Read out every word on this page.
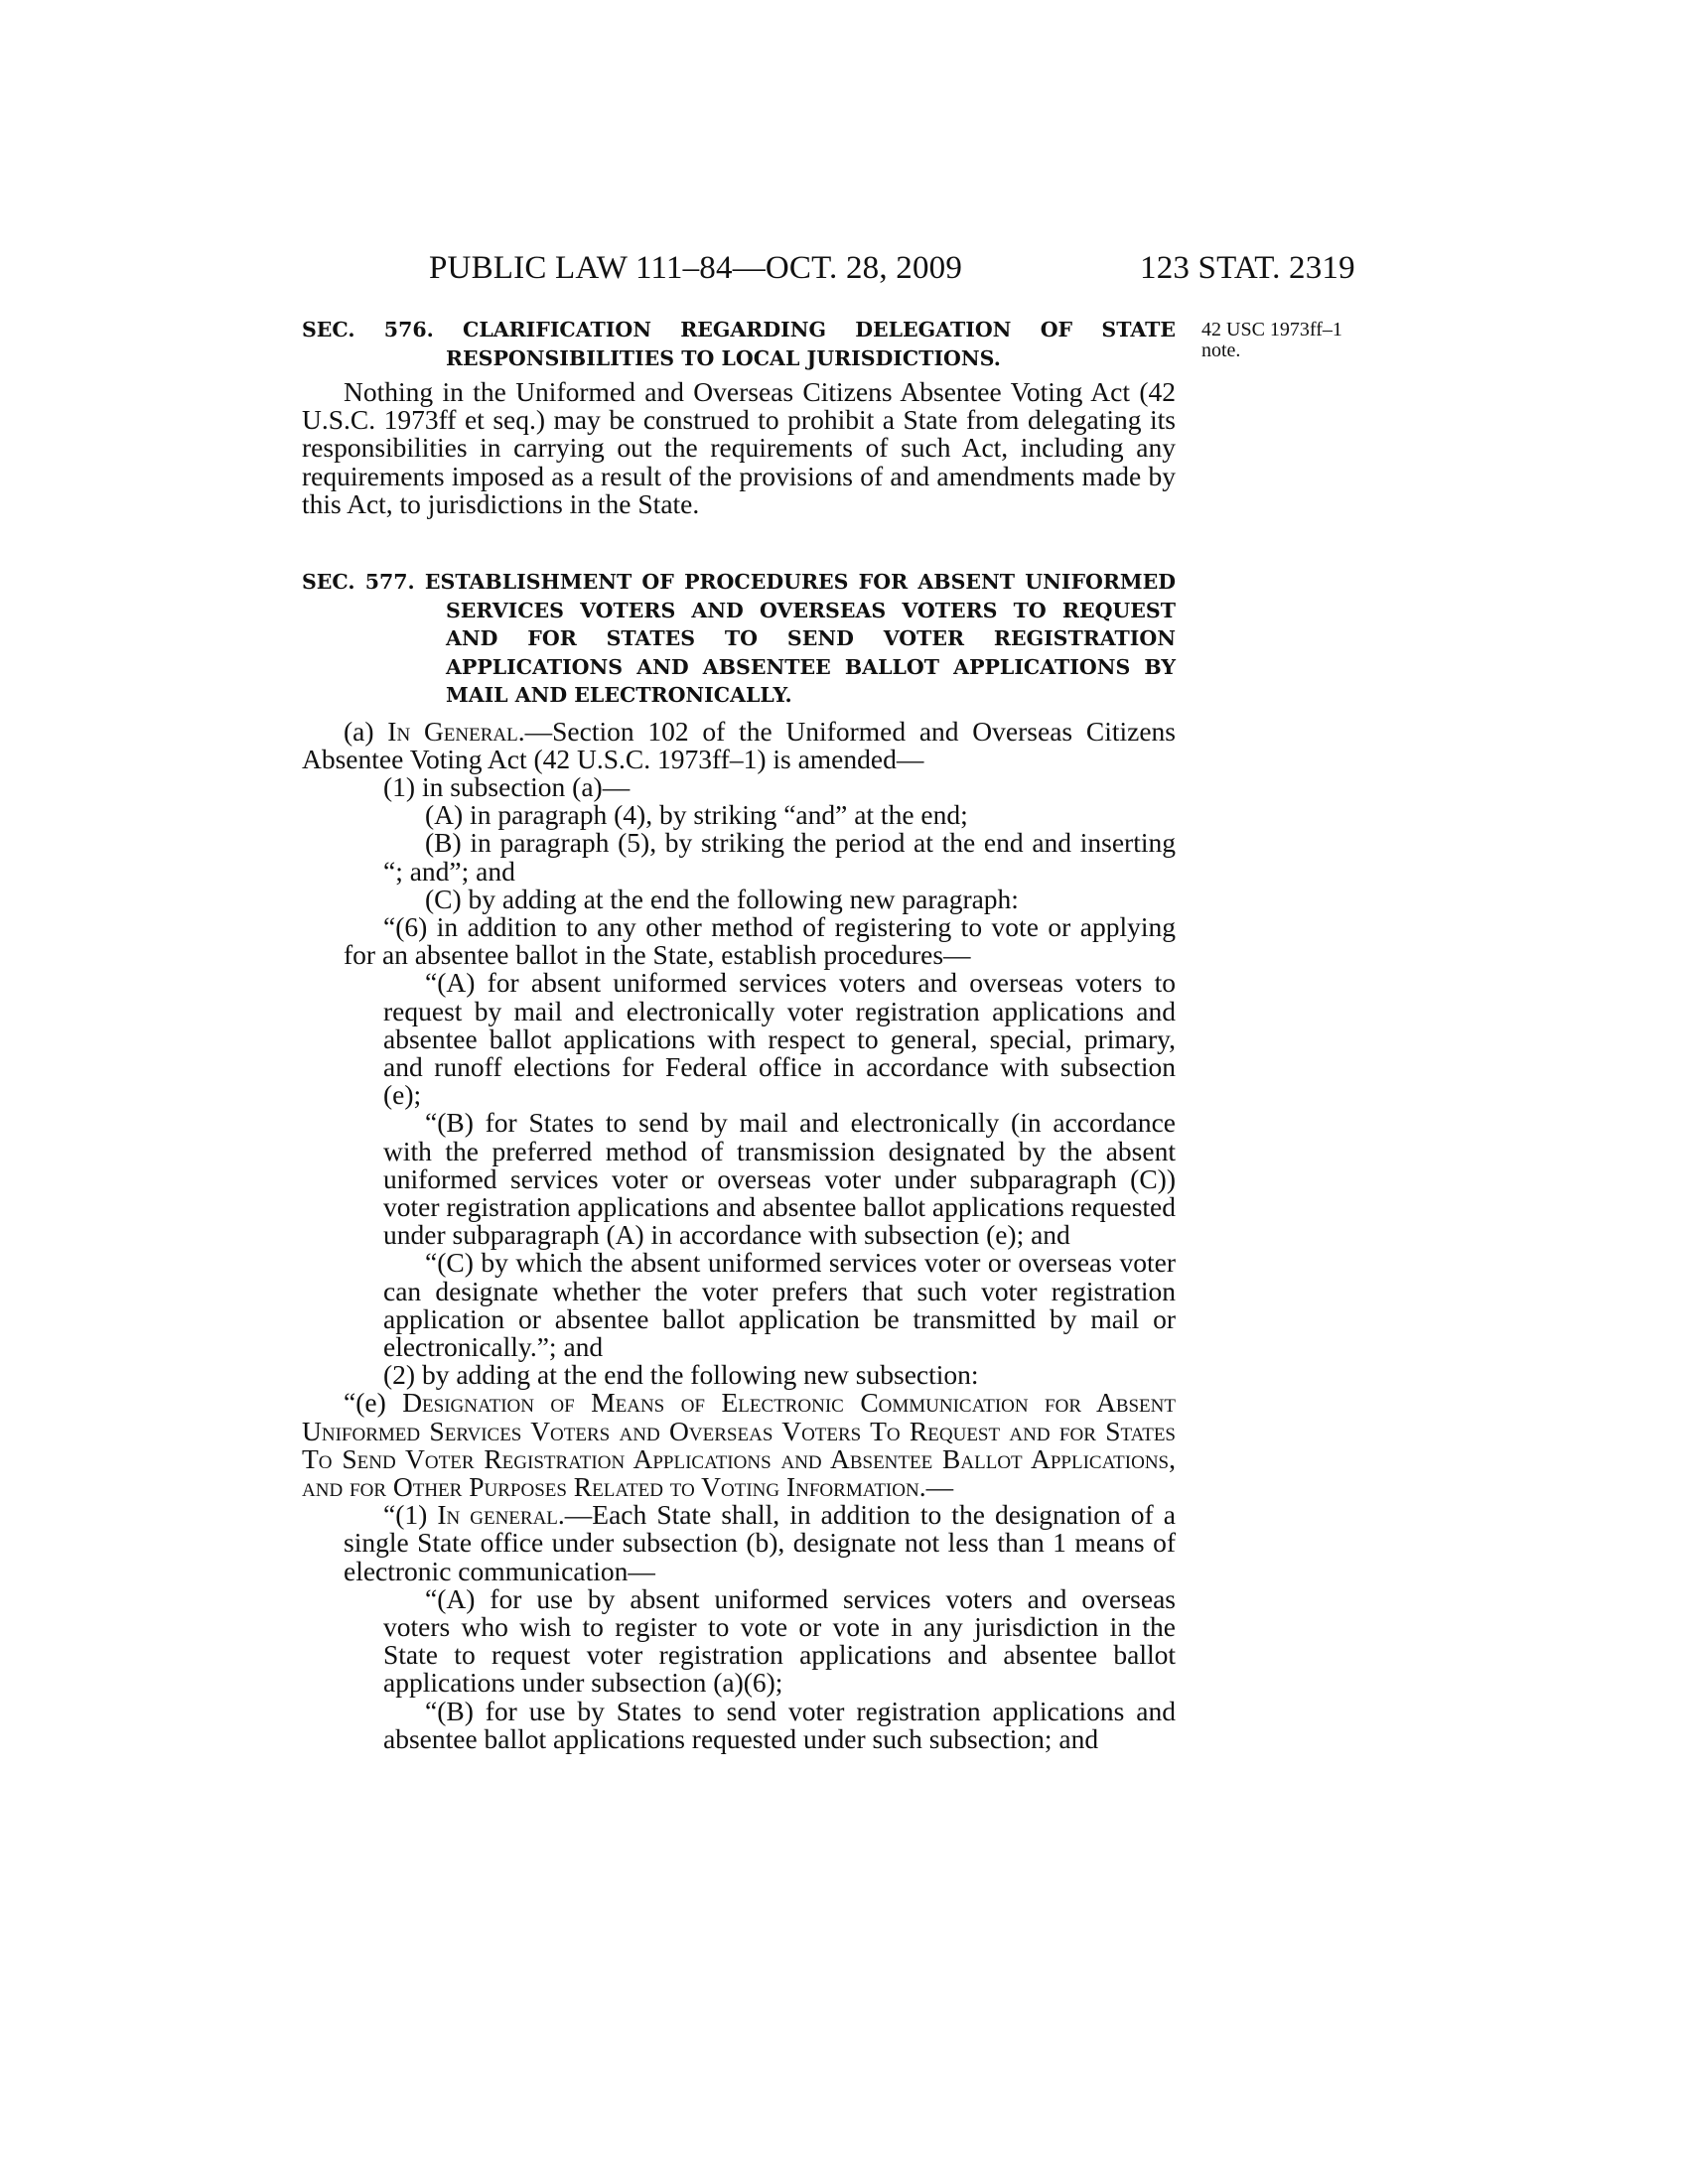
PUBLIC LAW 111–84—OCT. 28, 2009	123 STAT. 2319
42 USC 1973ff–1
note.
SEC. 576. CLARIFICATION REGARDING DELEGATION OF STATE RESPONSIBILITIES TO LOCAL JURISDICTIONS.

Nothing in the Uniformed and Overseas Citizens Absentee Voting Act (42 U.S.C. 1973ff et seq.) may be construed to prohibit a State from delegating its responsibilities in carrying out the requirements of such Act, including any requirements imposed as a result of the provisions of and amendments made by this Act, to jurisdictions in the State.

SEC. 577. ESTABLISHMENT OF PROCEDURES FOR ABSENT UNIFORMED SERVICES VOTERS AND OVERSEAS VOTERS TO REQUEST AND FOR STATES TO SEND VOTER REGISTRATION APPLICATIONS AND ABSENTEE BALLOT APPLICATIONS BY MAIL AND ELECTRONICALLY.

(a) In General.—Section 102 of the Uniformed and Overseas Citizens Absentee Voting Act (42 U.S.C. 1973ff–1) is amended—

(1) in subsection (a)—

(A) in paragraph (4), by striking “and” at the end;

(B) in paragraph (5), by striking the period at the end and inserting “; and”; and

(C) by adding at the end the following new paragraph:

“(6) in addition to any other method of registering to vote or applying for an absentee ballot in the State, establish procedures—

“(A) for absent uniformed services voters and overseas voters to request by mail and electronically voter registration applications and absentee ballot applications with respect to general, special, primary, and runoff elections for Federal office in accordance with subsection (e);

“(B) for States to send by mail and electronically (in accordance with the preferred method of transmission designated by the absent uniformed services voter or overseas voter under subparagraph (C)) voter registration applications and absentee ballot applications requested under subparagraph (A) in accordance with subsection (e); and

“(C) by which the absent uniformed services voter or overseas voter can designate whether the voter prefers that such voter registration application or absentee ballot application be transmitted by mail or electronically.”; and

(2) by adding at the end the following new subsection:

“(e) Designation of Means of Electronic Communication for Absent Uniformed Services Voters and Overseas Voters To Request and for States To Send Voter Registration Applications and Absentee Ballot Applications, and for Other Purposes Related to Voting Information.—

“(1) In general.—Each State shall, in addition to the designation of a single State office under subsection (b), designate not less than 1 means of electronic communication—

“(A) for use by absent uniformed services voters and overseas voters who wish to register to vote or vote in any jurisdiction in the State to request voter registration applications and absentee ballot applications under subsection (a)(6);

“(B) for use by States to send voter registration applications and absentee ballot applications requested under such subsection; and
